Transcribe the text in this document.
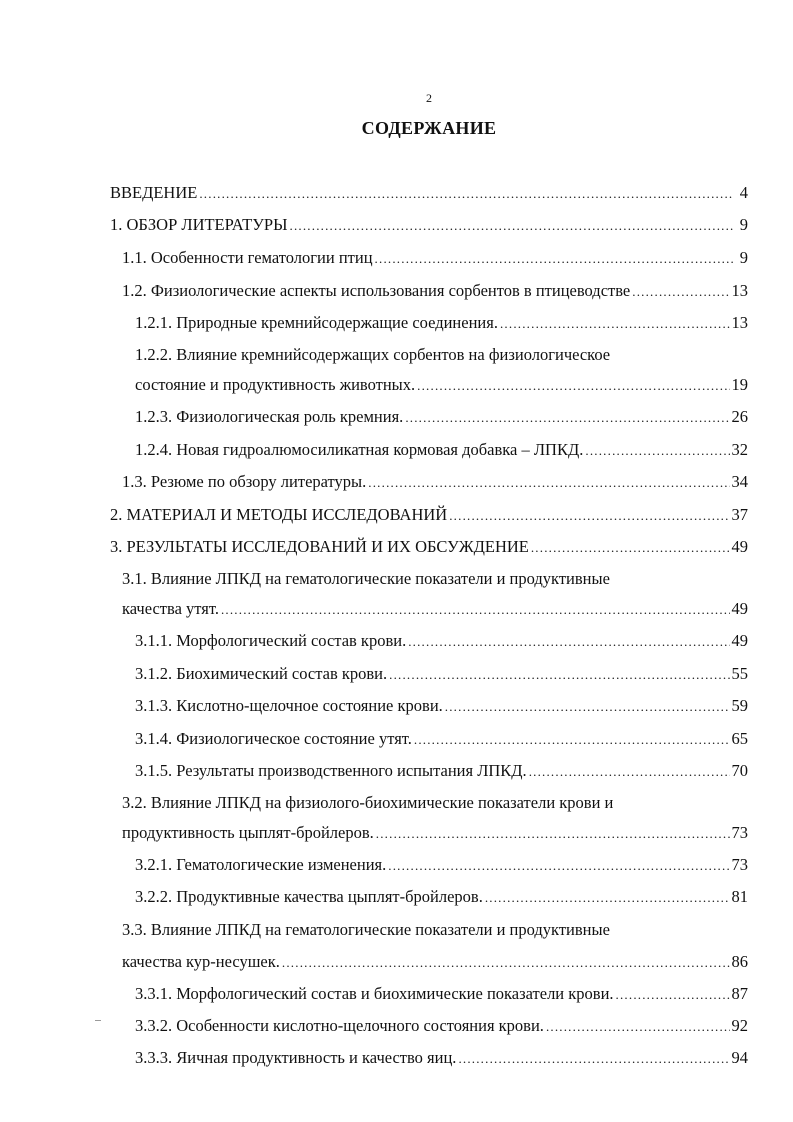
2
СОДЕРЖАНИЕ
ВВЕДЕНИЕ .....	4
1. ОБЗОР ЛИТЕРАТУРЫ .....	9
1.1. Особенности гематологии птиц .....	9
1.2. Физиологические аспекты использования сорбентов в птицеводстве .....	13
1.2.1. Природные кремнийсодержащие соединения. .....	13
1.2.2. Влияние кремнийсодержащих сорбентов на физиологическое
состояние и продуктивность животных. .....	19
1.2.3. Физиологическая роль кремния. .....	26
1.2.4. Новая гидроалюмосиликатная кормовая добавка – ЛПКД. .....	32
1.3. Резюме по обзору литературы. .....	34
2. МАТЕРИАЛ И МЕТОДЫ ИССЛЕДОВАНИЙ .....	37
3. РЕЗУЛЬТАТЫ ИССЛЕДОВАНИЙ И ИХ ОБСУЖДЕНИЕ .....	49
3.1. Влияние ЛПКД на гематологические показатели и продуктивные
качества утят. .....	49
3.1.1. Морфологический состав крови. .....	49
3.1.2. Биохимический состав крови. .....	55
3.1.3. Кислотно-щелочное состояние крови. .....	59
3.1.4. Физиологическое состояние утят. .....	65
3.1.5. Результаты производственного испытания ЛПКД. .....	70
3.2. Влияние ЛПКД на физиолого-биохимические показатели крови и
продуктивность цыплят-бройлеров. .....	73
3.2.1. Гематологические изменения. .....	73
3.2.2. Продуктивные качества цыплят-бройлеров. .....	81
3.3. Влияние ЛПКД на гематологические показатели и продуктивные
качества кур-несушек. .....	86
3.3.1. Морфологический состав и биохимические показатели крови. .....	87
3.3.2. Особенности кислотно-щелочного состояния крови. .....	92
3.3.3. Яичная продуктивность и качество яиц. .....	94
